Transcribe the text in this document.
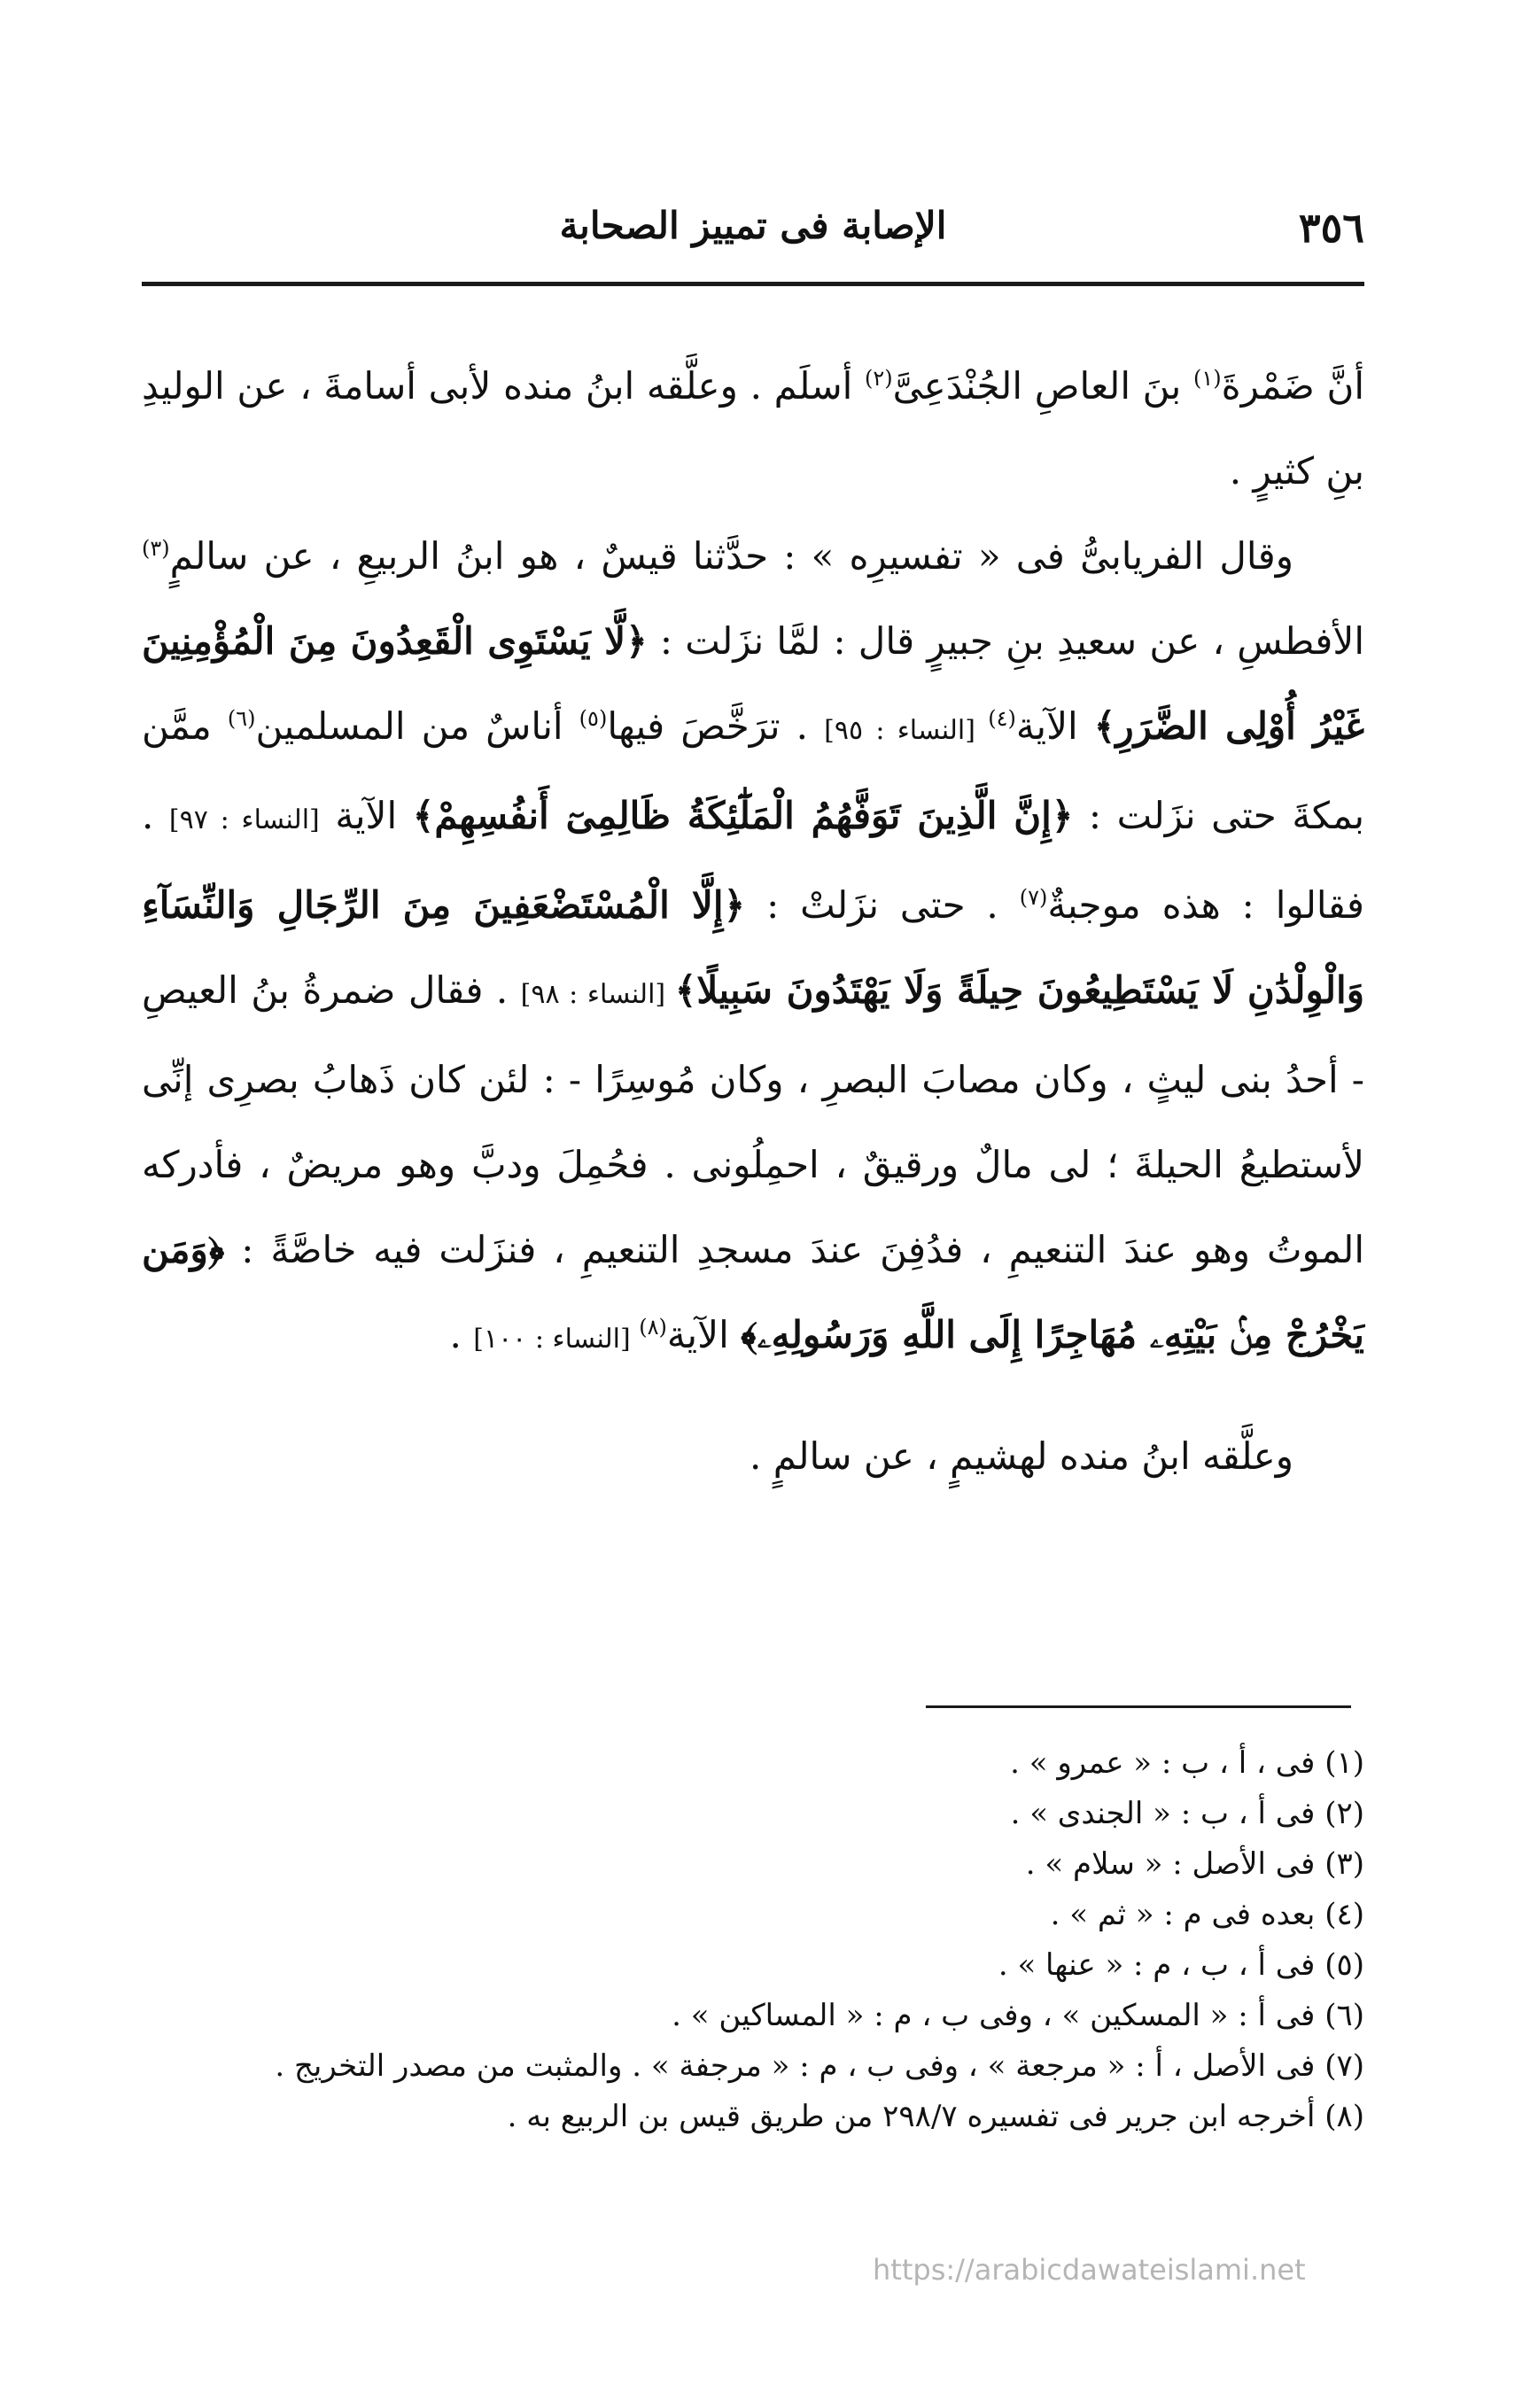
٣٥٦
الإصابة فى تمييز الصحابة

أنَّ ضَمْرةَ$^{(١)}$ بنَ العاصِ الجُنْدَعِىَّ$^{(٢)}$ أسلَم . وعلَّقه ابنُ منده لأبى أسامةَ ، عن الوليدِ بنِ كثيرٍ .

وقال الفريابىُّ فى « تفسيرِه » : حدَّثنا قيسٌ ، هو ابنُ الربيعِ ، عن سالمٍ$^{(٣)}$ الأفطسِ ، عن سعيدِ بنِ جبيرٍ قال : لمَّا نزَلت : ﴿لَّا يَسْتَوِى الْقَعِدُونَ مِنَ الْمُؤْمِنِينَ غَيْرُ أُوْلِى الضَّرَرِ﴾ الآية$^{(٤)}$ [النساء : ٩٥] . ترَخَّصَ فيها$^{(٥)}$ أناسٌ من المسلمين$^{(٦)}$ ممَّن بمكةَ حتى نزَلت : ﴿إِنَّ الَّذِينَ تَوَفَّهُمُ الْمَلَٰٓئِكَةُ ظَالِمِىٓ أَنفُسِهِمْ﴾ الآية [النساء : ٩٧] . فقالوا : هذه موجبةٌ$^{(٧)}$ . حتى نزَلتْ : ﴿إِلَّا الْمُسْتَضْعَفِينَ مِنَ الرِّجَالِ وَالنِّسَآءِ وَالْوِلْدَٰنِ لَا يَسْتَطِيعُونَ حِيلَةً وَلَا يَهْتَدُونَ سَبِيلًا﴾ [النساء : ٩٨] . فقال ضمرةُ بنُ العيصِ - أحدُ بنى ليثٍ ، وكان مصابَ البصرِ ، وكان مُوسِرًا - : لئن كان ذَهابُ بصرِى إنِّى لأستطيعُ الحيلةَ ؛ لى مالٌ ورقيقٌ ، احمِلُونى . فحُمِلَ ودبَّ وهو مريضٌ ، فأدركه الموتُ وهو عندَ التنعيمِ ، فدُفِنَ عندَ مسجدِ التنعيمِ ، فنزَلت فيه خاصَّةً : ﴿وَمَن يَخْرُجْ مِنۢ بَيْتِهِۦ مُهَاجِرًا إِلَى اللَّهِ وَرَسُولِهِۦ﴾ الآية$^{(٨)}$ [النساء : ١٠٠] .

وعلَّقه ابنُ منده لهشيمٍ ، عن سالمٍ .

(١) فى ، أ ، ب : « عمرو » .

(٢) فى أ ، ب : « الجندى » .

(٣) فى الأصل : « سلام » .

(٤) بعده فى م : « ثم » .

(٥) فى أ ، ب ، م : « عنها » .

(٦) فى أ : « المسكين » ، وفى ب ، م : « المساكين » .

(٧) فى الأصل ، أ : « مرجعة » ، وفى ب ، م : « مرجفة » . والمثبت من مصدر التخريج .

(٨) أخرجه ابن جرير فى تفسيره ٢٩٨/٧ من طريق قيس بن الربيع به .

https://arabicdawateislami.net
